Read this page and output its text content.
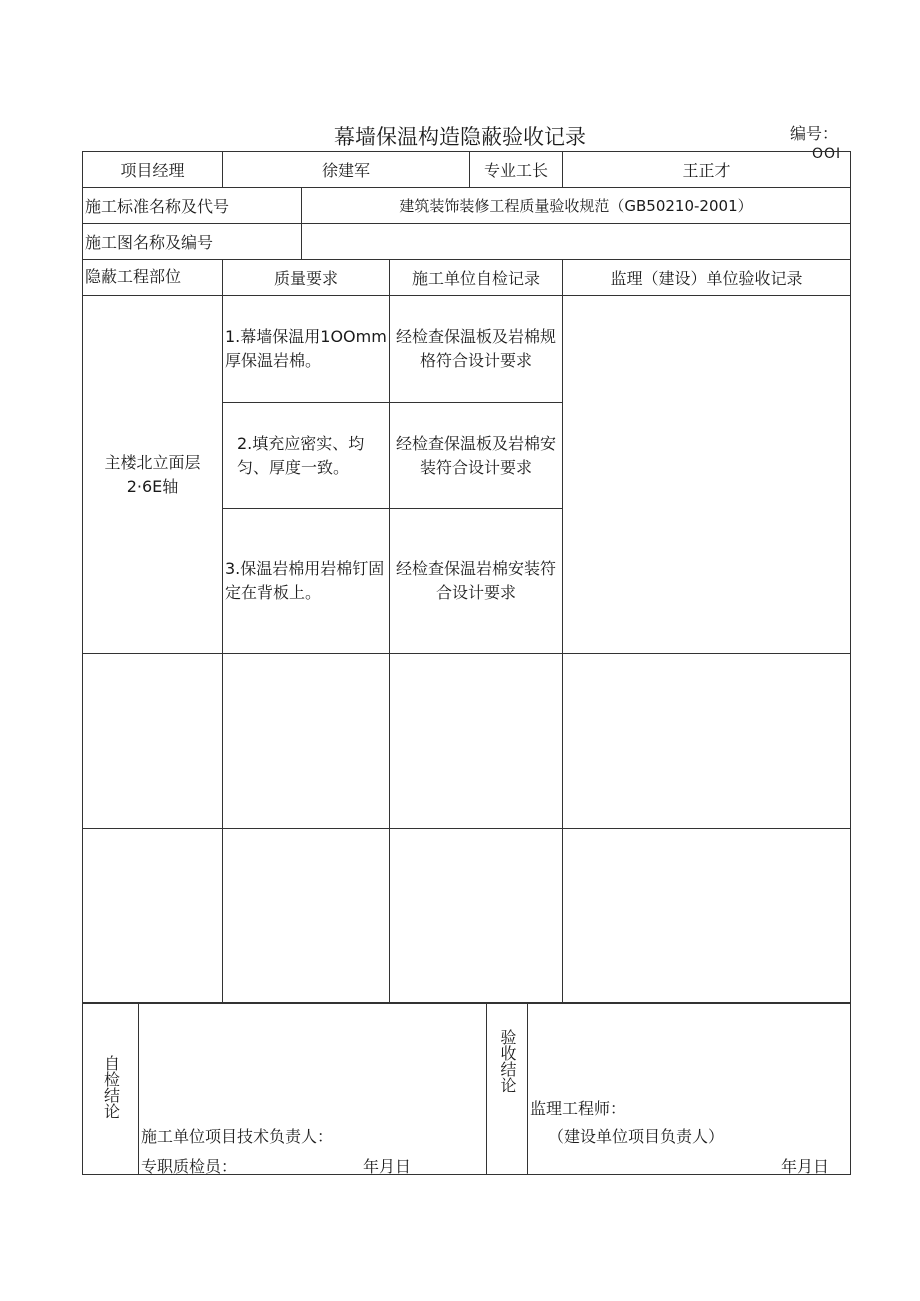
幕墙保温构造隐蔽验收记录	编号：
OOI
项目经理	徐建军			专业工长	王正才
施工标准名称及代号		建筑装饰装修工程质量验收规范（GB50210-2001）			
施工图名称及编号					
隐蔽工程部位	质量要求		施工单位自检记录		监理（建设）单位验收记录

主楼北立面层
2·6E轴	1.幕墙保温用1OOmm厚保温岩棉。		经检查保温板及岩棉规格符合设计要求		
	2.填充应密实、均匀、厚度一致。		经检查保温板及岩棉安装符合设计要求		
	3.保温岩棉用岩棉钉固定在背板上。		经检查保温岩棉安装符合设计要求		

自检结论	
施工单位项目技术负责人：
专职质检员：	年月日
	验收结论	
监理工程师：
（建设单位项目负责人）
年月日
